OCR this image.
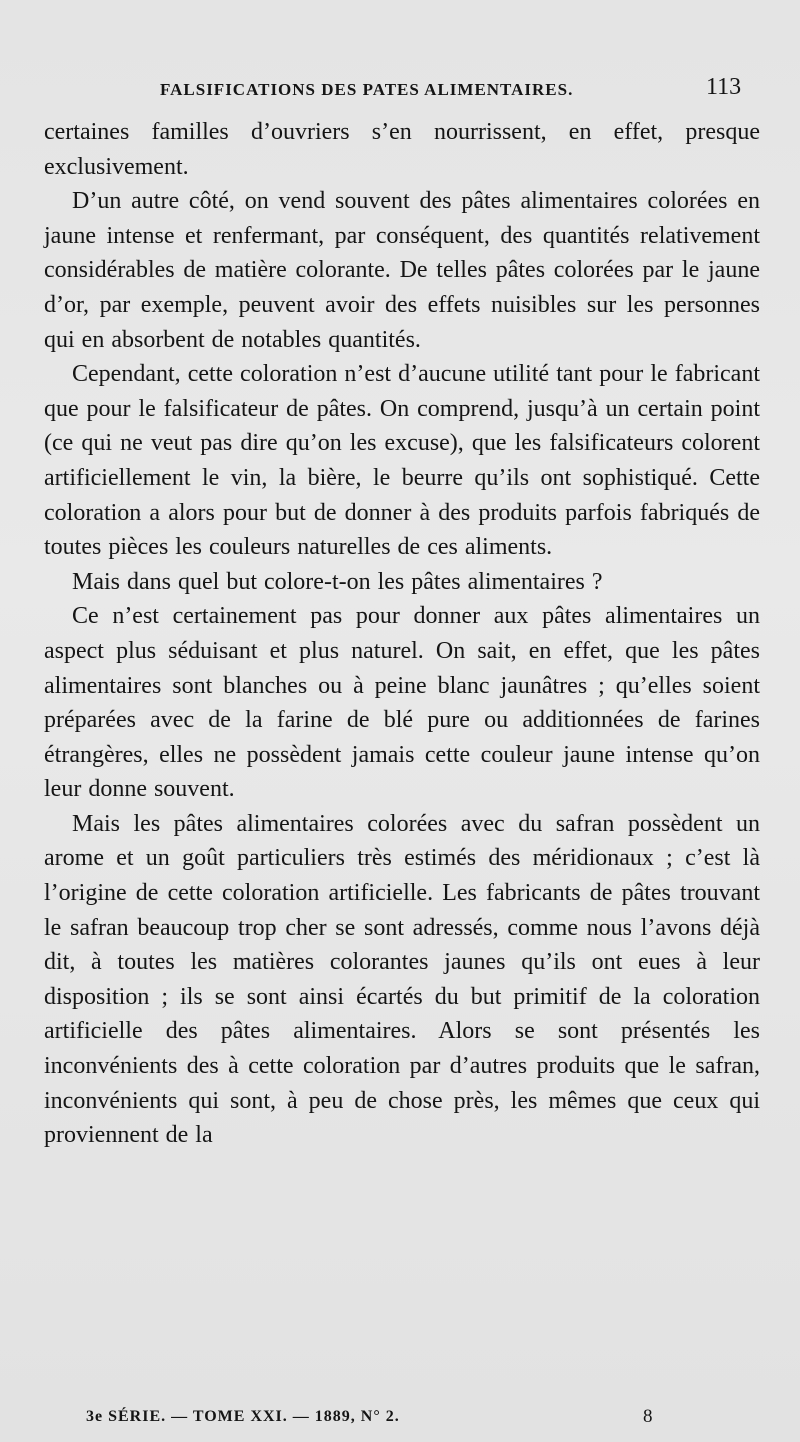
FALSIFICATIONS DES PATES ALIMENTAIRES.	113

certaines familles d’ouvriers s’en nourrissent, en effet, presque exclusivement.

D’un autre côté, on vend souvent des pâtes alimentaires colorées en jaune intense et renfermant, par conséquent, des quantités relativement considérables de matière colorante. De telles pâtes colorées par le jaune d’or, par exemple, peuvent avoir des effets nuisibles sur les personnes qui en absorbent de notables quantités.

Cependant, cette coloration n’est d’aucune utilité tant pour le fabricant que pour le falsificateur de pâtes. On comprend, jusqu’à un certain point (ce qui ne veut pas dire qu’on les excuse), que les falsificateurs colorent artificiellement le vin, la bière, le beurre qu’ils ont sophistiqué. Cette coloration a alors pour but de donner à des produits parfois fabriqués de toutes pièces les couleurs naturelles de ces aliments.

Mais dans quel but colore-t-on les pâtes alimentaires ?

Ce n’est certainement pas pour donner aux pâtes alimentaires un aspect plus séduisant et plus naturel. On sait, en effet, que les pâtes alimentaires sont blanches ou à peine blanc jaunâtres ; qu’elles soient préparées avec de la farine de blé pure ou additionnées de farines étrangères, elles ne possèdent jamais cette couleur jaune intense qu’on leur donne souvent.

Mais les pâtes alimentaires colorées avec du safran possèdent un arome et un goût particuliers très estimés des méridionaux ; c’est là l’origine de cette coloration artificielle. Les fabricants de pâtes trouvant le safran beaucoup trop cher se sont adressés, comme nous l’avons déjà dit, à toutes les matières colorantes jaunes qu’ils ont eues à leur disposition ; ils se sont ainsi écartés du but primitif de la coloration artificielle des pâtes alimentaires. Alors se sont présentés les inconvénients des à cette coloration par d’autres produits que le safran, inconvénients qui sont, à peu de chose près, les mêmes que ceux qui proviennent de la

3e SÉRIE. — TOME XXI. — 1889, N° 2.	8
